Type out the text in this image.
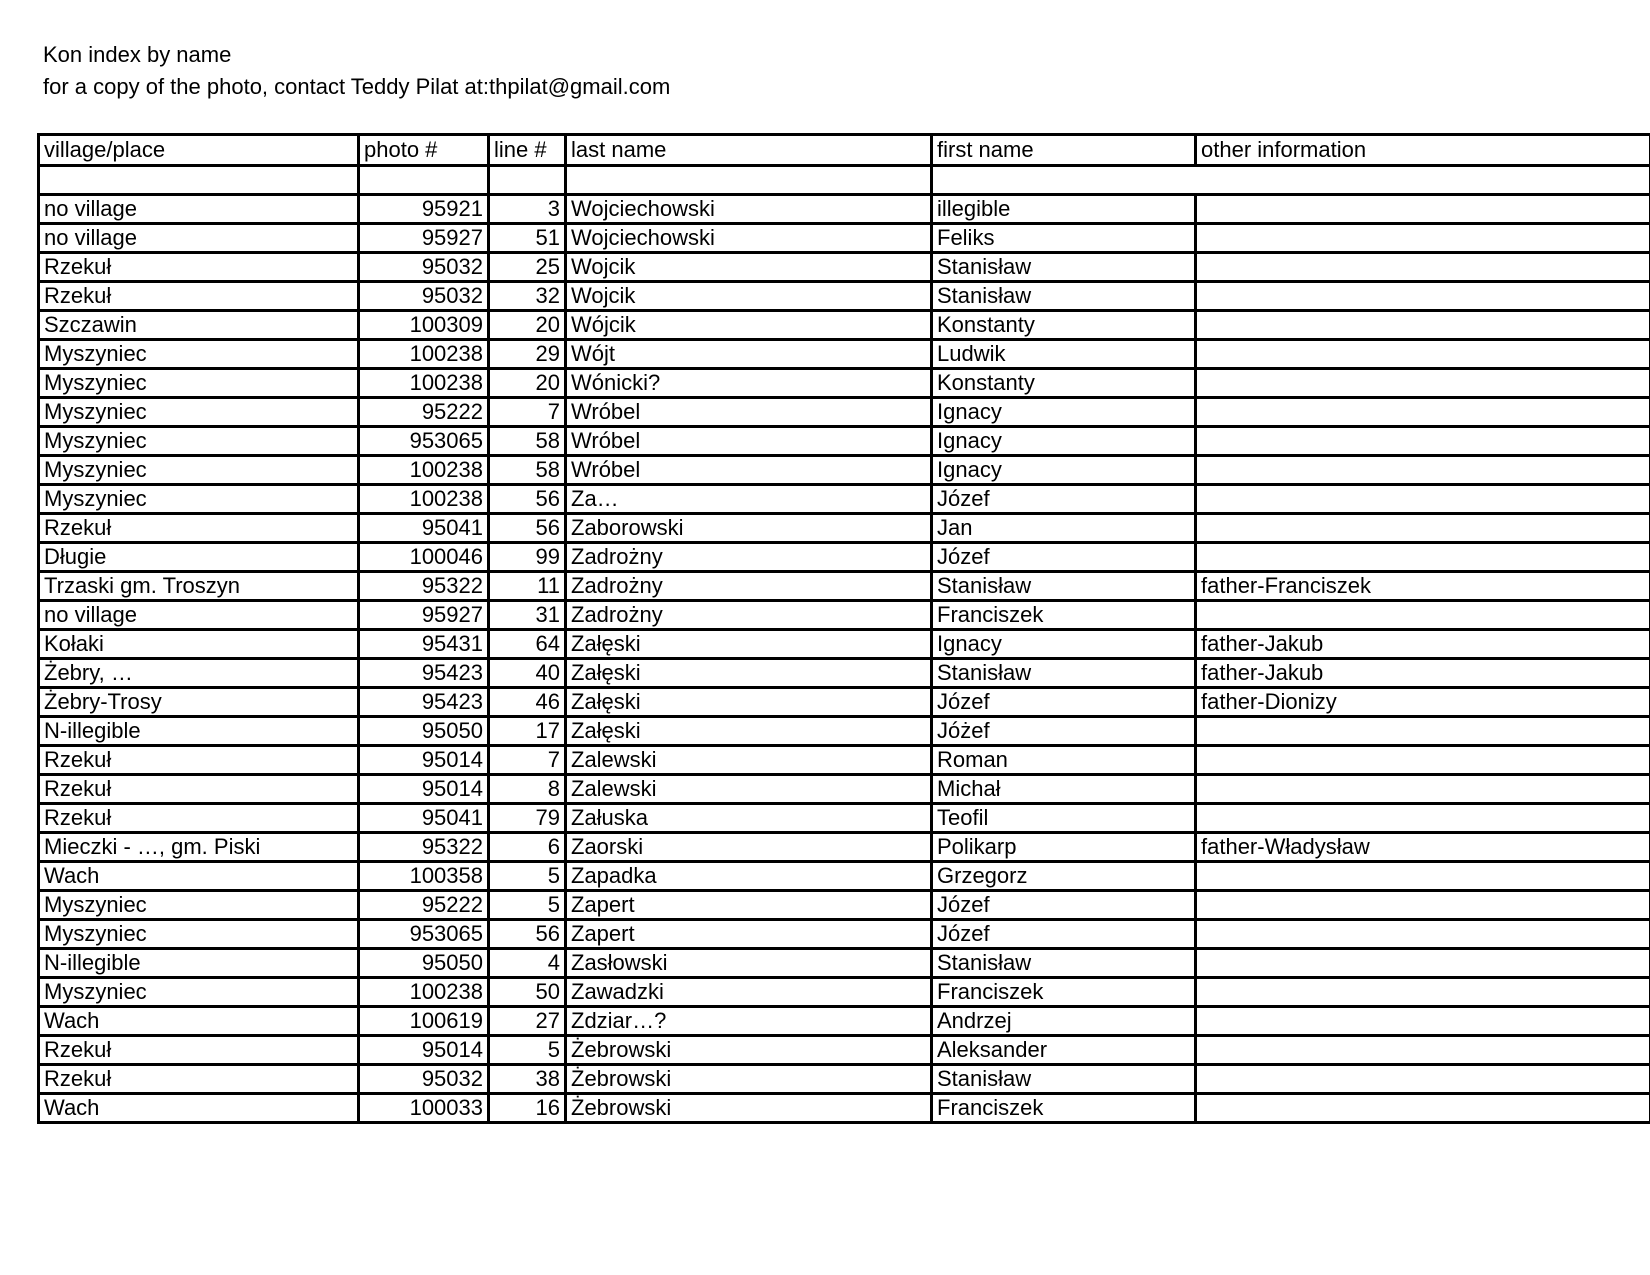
Kon index by name
for a copy of the photo, contact Teddy Pilat at:thpilat@gmail.com
village/place	photo #	line #	last name	first name	other information

no village	95921	3	Wojciechowski	illegible	
no village	95927	51	Wojciechowski	Feliks	
Rzekuł	95032	25	Wojcik	Stanisław	
Rzekuł	95032	32	Wojcik	Stanisław	
Szczawin	100309	20	Wójcik	Konstanty	
Myszyniec	100238	29	Wójt	Ludwik	
Myszyniec	100238	20	Wónicki?	Konstanty	
Myszyniec	95222	7	Wróbel	Ignacy	
Myszyniec	953065	58	Wróbel	Ignacy	
Myszyniec	100238	58	Wróbel	Ignacy	
Myszyniec	100238	56	Za…	Józef	
Rzekuł	95041	56	Zaborowski	Jan	
Długie	100046	99	Zadrożny	Józef	
Trzaski gm. Troszyn	95322	11	Zadrożny	Stanisław	father-Franciszek
no village	95927	31	Zadrożny	Franciszek	
Kołaki	95431	64	Załęski	Ignacy	father-Jakub
Żebry, …	95423	40	Załęski	Stanisław	father-Jakub
Żebry-Trosy	95423	46	Załęski	Józef	father-Dionizy
N-illegible	95050	17	Załęski	Jóżef	
Rzekuł	95014	7	Zalewski	Roman	
Rzekuł	95014	8	Zalewski	Michał	
Rzekuł	95041	79	Załuska	Teofil	
Mieczki - …, gm. Piski	95322	6	Zaorski	Polikarp	father-Władysław
Wach	100358	5	Zapadka	Grzegorz	
Myszyniec	95222	5	Zapert	Józef	
Myszyniec	953065	56	Zapert	Józef	
N-illegible	95050	4	Zasłowski	Stanisław	
Myszyniec	100238	50	Zawadzki	Franciszek	
Wach	100619	27	Zdziar…?	Andrzej	
Rzekuł	95014	5	Żebrowski	Aleksander	
Rzekuł	95032	38	Żebrowski	Stanisław	
Wach	100033	16	Żebrowski	Franciszek	
